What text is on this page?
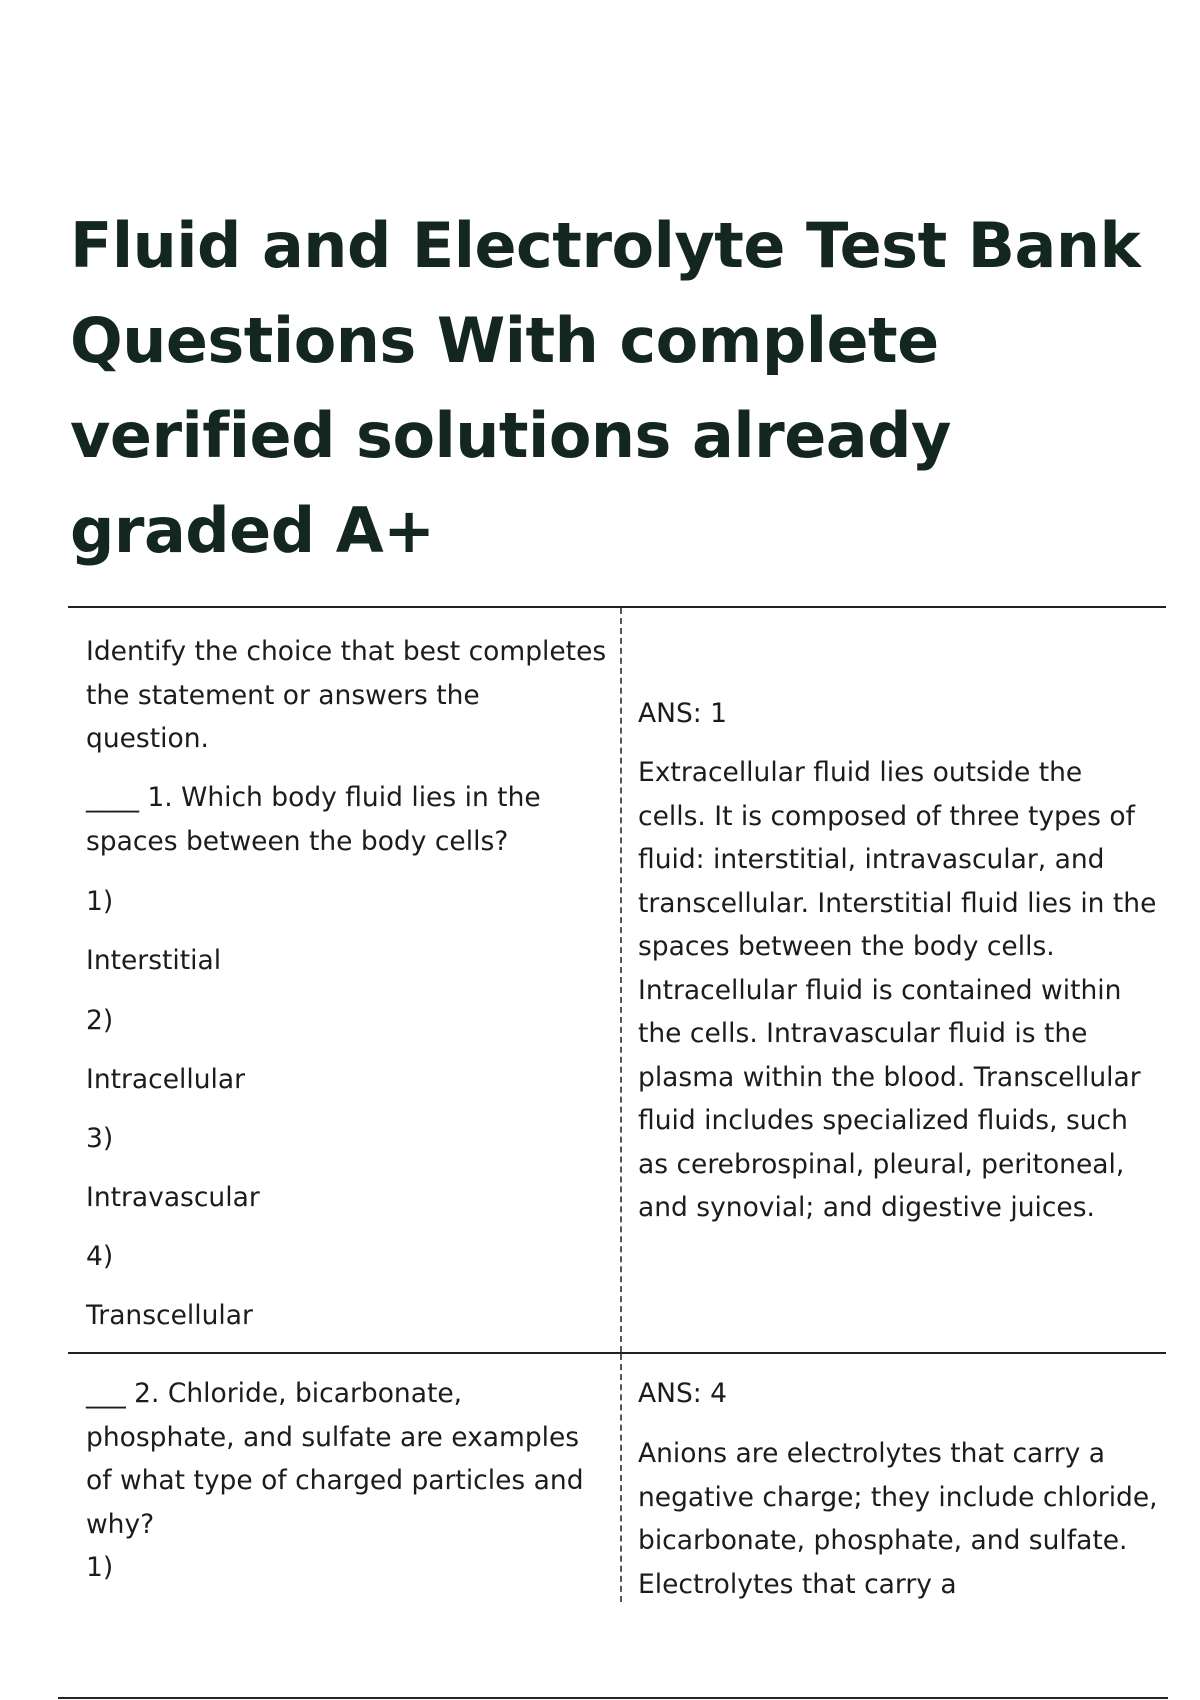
Fluid and Electrolyte Test Bank
Questions With complete
verified solutions already
graded A+

Identify the choice that best completes the statement or answers the question.

____ 1. Which body fluid lies in the spaces between the body cells?

1)

Interstitial

2)

Intracellular

3)

Intravascular

4)

Transcellular

ANS: 1

Extracellular fluid lies outside the cells. It is composed of three types of fluid: interstitial, intravascular, and transcellular. Interstitial fluid lies in the spaces between the body cells. Intracellular fluid is contained within the cells. Intravascular fluid is the plasma within the blood. Transcellular fluid includes specialized fluids, such as cerebrospinal, pleural, peritoneal, and synovial; and digestive juices.

___ 2. Chloride, bicarbonate, phosphate, and sulfate are examples of what type of charged particles and why?

1)

ANS: 4

Anions are electrolytes that carry a negative charge; they include chloride, bicarbonate, phosphate, and sulfate. Electrolytes that carry a
